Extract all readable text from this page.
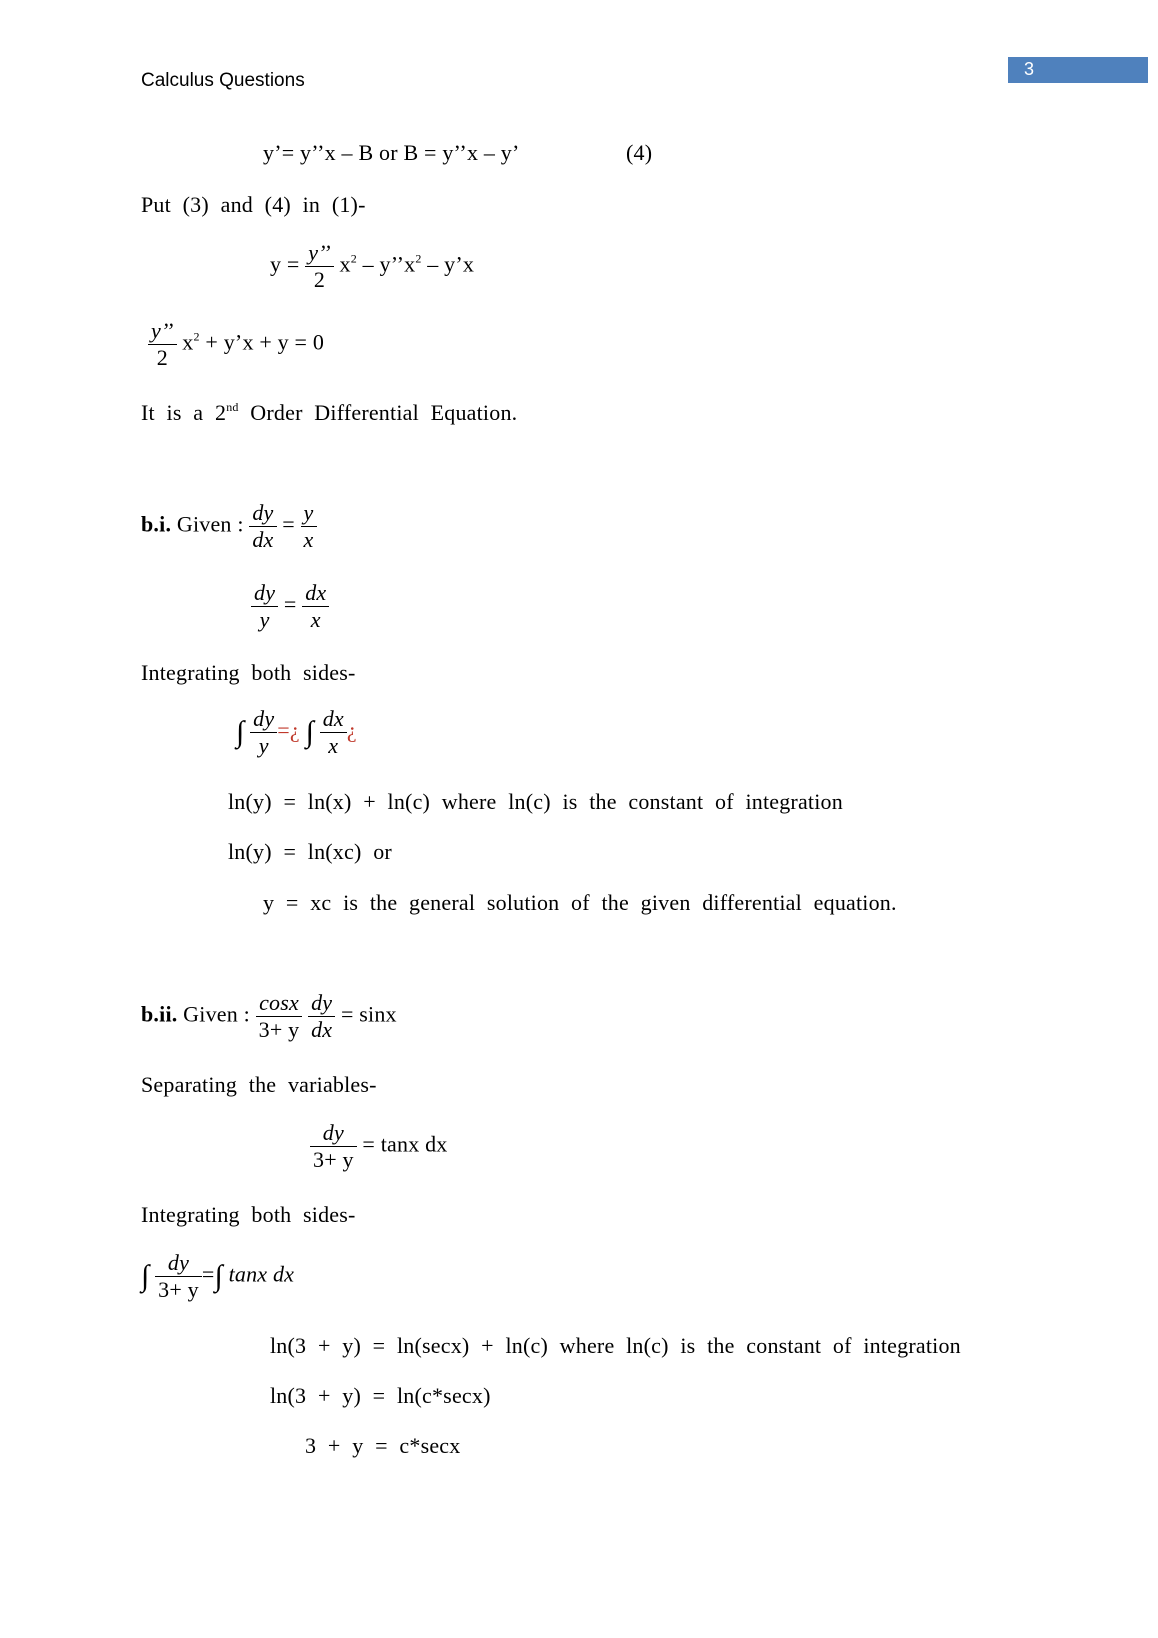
Calculus Questions
3
y’= y’’x – B or B = y’’x – y’	(4)
Put (3) and (4) in (1)-
$y = \frac{y’’}{2} x^2$ – $y’’x^2$ – y’x
$\frac{y’’}{2} x^2$ + y’x + y = 0
It is a 2nd Order Differential Equation.
b.i. Given : $\frac{dy}{dx} = \frac{y}{x}$
$\frac{dy}{y} = \frac{dx}{x}$
Integrating both sides-
∫ $\frac{dy}{y}$ =¿ ∫ $\frac{dx}{x}$ ¿
ln(y) = ln(x) + ln(c) where ln(c) is the constant of integration
ln(y) = ln(xc) or
y = xc is the general solution of the given differential equation.
b.ii. Given : $\frac{\cos x}{3+ y}$
$\frac{dy}{dx} = \sin x$
Separating the variables-
$\frac{dy}{3+ y} = \tan x$ dx
Integrating both sides-
∫ $\frac{dy}{3+ y}$ =∫ tanx dx
ln(3 + y) = ln(secx) + ln(c) where ln(c) is the constant of integration
ln(3 + y) = ln(c*secx)
3 + y = c*secx
